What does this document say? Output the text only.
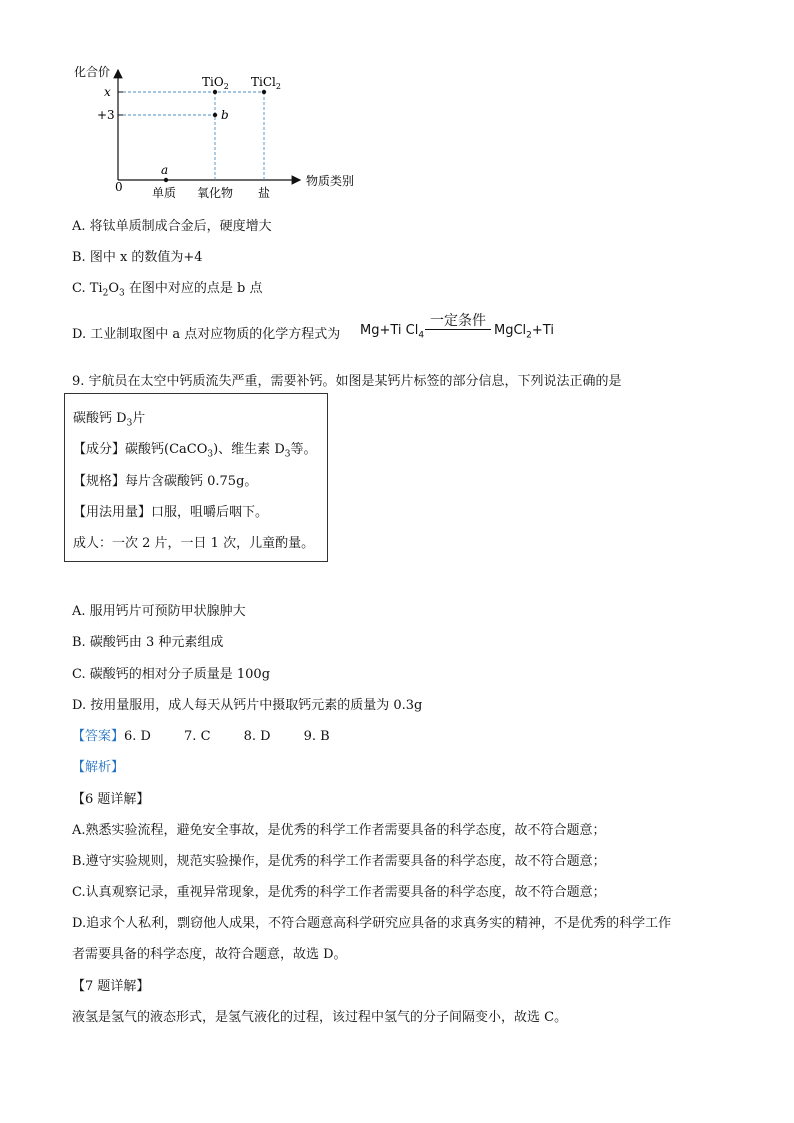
化合价
物质类别
0
x
+3
单质 氧化物 盐
a
TiO$_2$
b
TiCl$_2$
A. 将钛单质制成合金后，硬度增大
B. 图中 x 的数值为+4
C. $Ti_2O_3$ 在图中对应的点是 b 点
D. 工业制取图中 a 点对应物质的化学方程式为 Mg+Ti $Cl_4$
一定条件
MgCl$_2$+Ti
9. 宇航员在太空中钙质流失严重，需要补钙。如图是某钙片标签的部分信息，下列说法正确的是
碳酸钙 $D_3$片
【成分】碳酸钙(CaCO$_3$)、维生素 $D_3$等。
【规格】每片含碳酸钙 0.75g。
【用法用量】口服，咀嚼后咽下。
成人：一次 2 片，一日 1 次，儿童酌量。
A. 服用钙片可预防甲状腺肿大
B. 碳酸钙由 3 种元素组成
C. 碳酸钙的相对分子质量是 100g
D. 按用量服用，成人每天从钙片中摄取钙元素的质量为 0.3g
【答案】6. D        7. C        8. D        9. B
【解析】
【6 题详解】
A.熟悉实验流程，避免安全事故，是优秀的科学工作者需要具备的科学态度，故不符合题意；
B.遵守实验规则，规范实验操作，是优秀的科学工作者需要具备的科学态度，故不符合题意；
C.认真观察记录，重视异常现象，是优秀的科学工作者需要具备的科学态度，故不符合题意；
D.追求个人私利，剽窃他人成果，不符合题意高科学研究应具备的求真务实的精神，不是优秀的科学工作
者需要具备的科学态度，故符合题意，故选 D。
【7 题详解】
液氢是氢气的液态形式，是氢气液化的过程，该过程中氢气的分子间隔变小，故选 C。
